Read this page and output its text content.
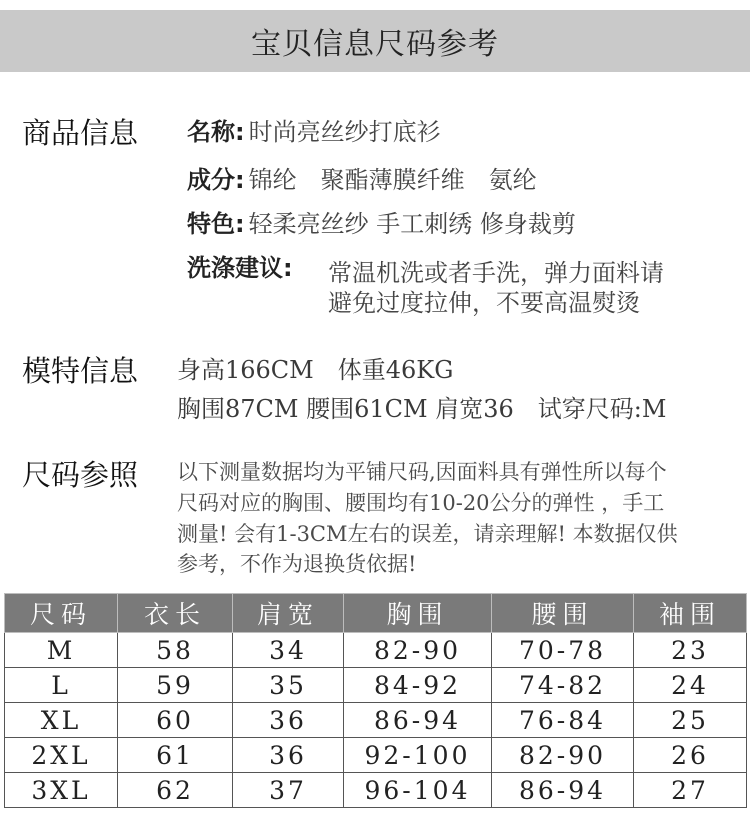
宝贝信息尺码参考
商品信息 名称: 时尚亮丝纱打底衫
成分: 锦纶　聚酯薄膜纤维　氨纶
特色: 轻柔亮丝纱 手工刺绣 修身裁剪
洗涤建议: 常温机洗或者手洗，弹力面料请
避免过度拉伸，不要高温熨烫
模特信息 身高166CM　体重46KG
胸围87CM 腰围61CM 肩宽36　试穿尺码:M
尺码参照 以下测量数据均为平铺尺码,因面料具有弹性所以每个
尺码对应的胸围、腰围均有10-20公分的弹性 ，手工
测量! 会有1-3CM左右的误差，请亲理解! 本数据仅供
参考，不作为退换货依据!
尺码	衣长	肩宽	胸围	腰围	袖围
M	58	34	82-90	70-78	23
L	59	35	84-92	74-82	24
XL	60	36	86-94	76-84	25
2XL	61	36	92-100	82-90	26
3XL	62	37	96-104	86-94	27
